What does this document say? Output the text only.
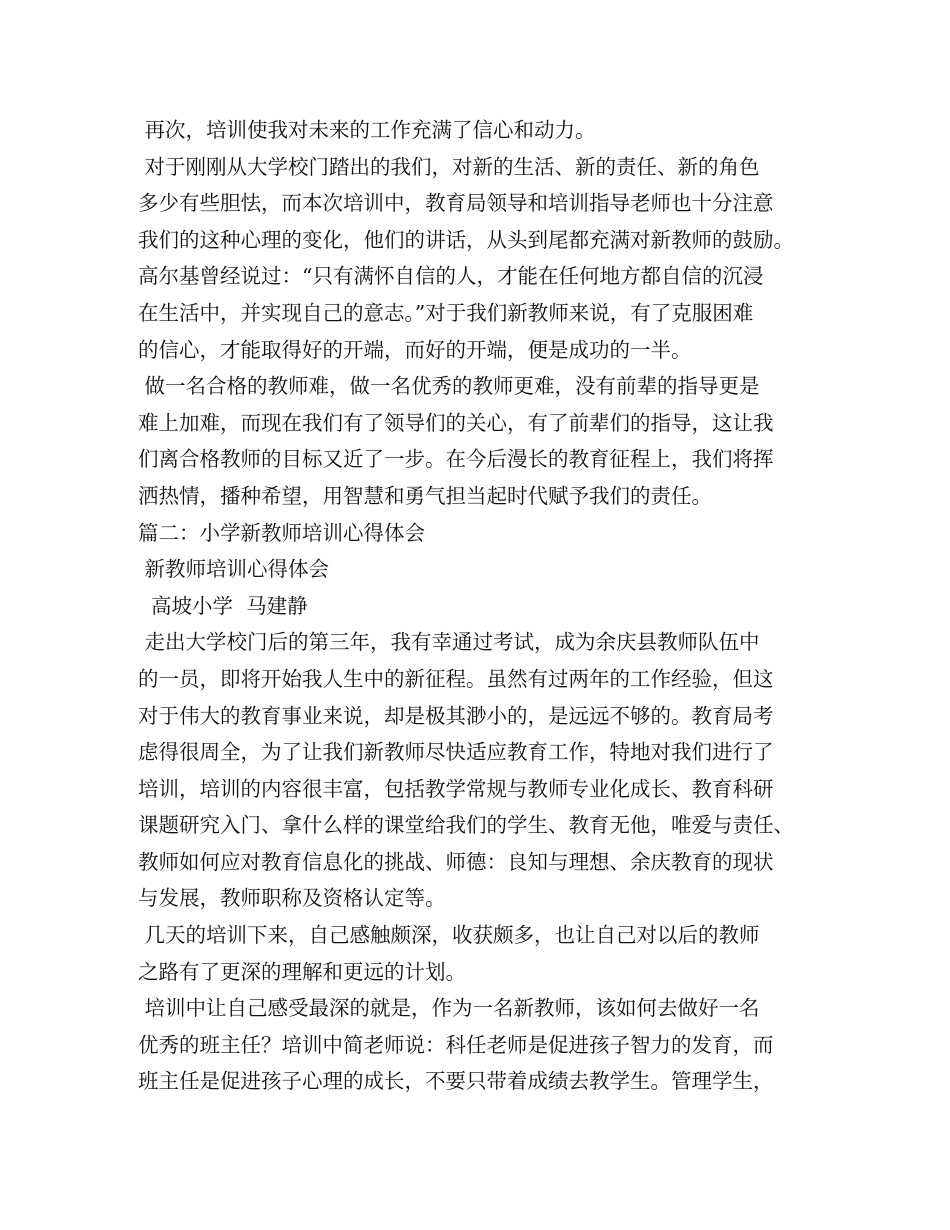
再次，培训使我对未来的工作充满了信心和动力。
对于刚刚从大学校门踏出的我们，对新的生活、新的责任、新的角色
多少有些胆怯，而本次培训中，教育局领导和培训指导老师也十分注意
我们的这种心理的变化，他们的讲话，从头到尾都充满对新教师的鼓励。
高尔基曾经说过：“只有满怀自信的人，才能在任何地方都自信的沉浸
在生活中，并实现自己的意志。”对于我们新教师来说，有了克服困难
的信心，才能取得好的开端，而好的开端，便是成功的一半。
做一名合格的教师难，做一名优秀的教师更难，没有前辈的指导更是
难上加难，而现在我们有了领导们的关心，有了前辈们的指导，这让我
们离合格教师的目标又近了一步。在今后漫长的教育征程上，我们将挥
洒热情，播种希望，用智慧和勇气担当起时代赋予我们的责任。
篇二：小学新教师培训心得体会
新教师培训心得体会
高坡小学  马建静
走出大学校门后的第三年，我有幸通过考试，成为余庆县教师队伍中
的一员，即将开始我人生中的新征程。虽然有过两年的工作经验，但这
对于伟大的教育事业来说，却是极其渺小的，是远远不够的。教育局考
虑得很周全，为了让我们新教师尽快适应教育工作，特地对我们进行了
培训，培训的内容很丰富，包括教学常规与教师专业化成长、教育科研
课题研究入门、拿什么样的课堂给我们的学生、教育无他，唯爱与责任、
教师如何应对教育信息化的挑战、师德：良知与理想、余庆教育的现状
与发展，教师职称及资格认定等。
几天的培训下来，自己感触颇深，收获颇多，也让自己对以后的教师
之路有了更深的理解和更远的计划。
培训中让自己感受最深的就是，作为一名新教师，该如何去做好一名
优秀的班主任？培训中简老师说：科任老师是促进孩子智力的发育，而
班主任是促进孩子心理的成长，不要只带着成绩去教学生。管理学生，
